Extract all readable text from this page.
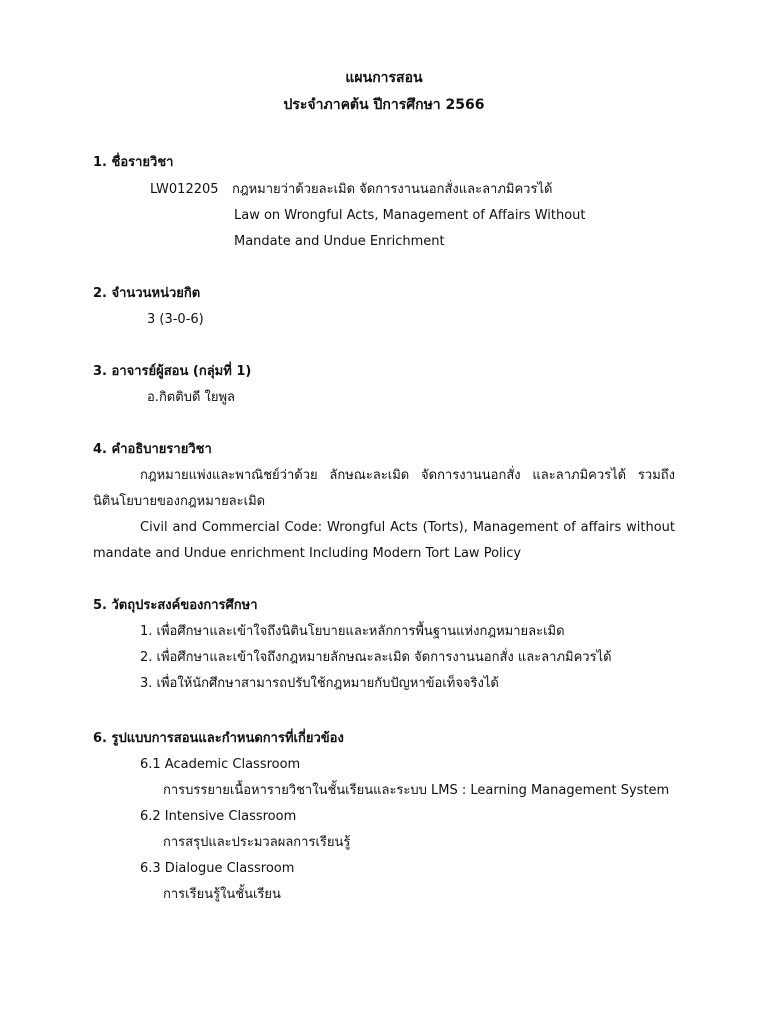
แผนการสอน
ประจำภาคต้น ปีการศึกษา 2566
1. ชื่อรายวิชา
LW012205 กฎหมายว่าด้วยละเมิด จัดการงานนอกสั่งและลาภมิควรได้
Law on Wrongful Acts, Management of Affairs Without
Mandate and Undue Enrichment
2. จำนวนหน่วยกิต
3 (3-0-6)
3. อาจารย์ผู้สอน (กลุ่มที่ 1)
อ.กิตติบดี ใยพูล
4. คำอธิบายรายวิชา
กฎหมายแพ่งและพาณิชย์ว่าด้วย ลักษณะละเมิด จัดการงานนอกสั่ง และลาภมิควรได้ รวมถึง
นิตินโยบายของกฎหมายละเมิด
Civil and Commercial Code: Wrongful Acts (Torts), Management of affairs without
mandate and Undue enrichment Including Modern Tort Law Policy
5. วัตถุประสงค์ของการศึกษา
1. เพื่อศึกษาและเข้าใจถึงนิตินโยบายและหลักการพื้นฐานแห่งกฎหมายละเมิด
2. เพื่อศึกษาและเข้าใจถึงกฎหมายลักษณะละเมิด จัดการงานนอกสั่ง และลาภมิควรได้
3. เพื่อให้นักศึกษาสามารถปรับใช้กฎหมายกับปัญหาข้อเท็จจริงได้
6. รูปแบบการสอนและกำหนดการที่เกี่ยวข้อง
6.1 Academic Classroom
การบรรยายเนื้อหารายวิชาในชั้นเรียนและระบบ LMS : Learning Management System
6.2 Intensive Classroom
การสรุปและประมวลผลการเรียนรู้
6.3 Dialogue Classroom
การเรียนรู้ในชั้นเรียน
